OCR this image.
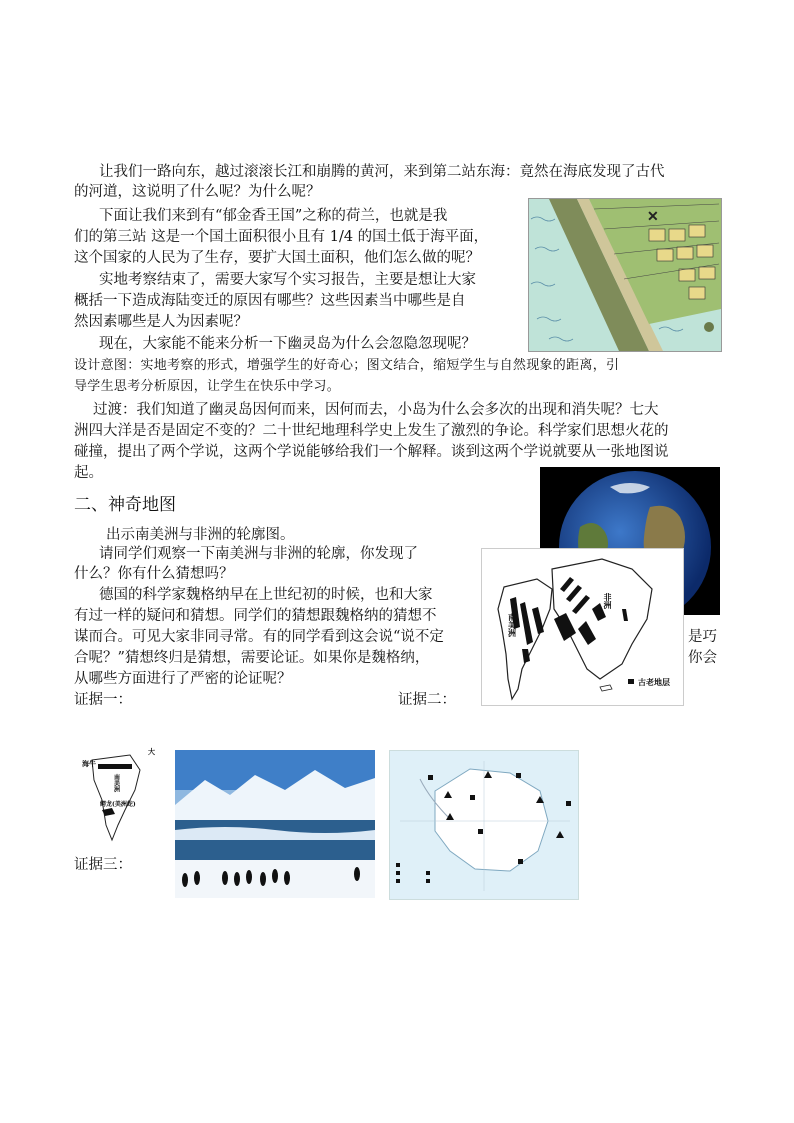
让我们一路向东，越过滚滚长江和崩腾的黄河，来到第二站东海：竟然在海底发现了古代
的河道，这说明了什么呢？为什么呢？
下面让我们来到有“郁金香王国”之称的荷兰，也就是我
们的第三站 这是一个国土面积很小且有 1/4 的国土低于海平面，
这个国家的人民为了生存，要扩大国土面积，他们怎么做的呢？
实地考察结束了，需要大家写个实习报告，主要是想让大家
概括一下造成海陆变迁的原因有哪些？这些因素当中哪些是自
然因素哪些是人为因素呢？
现在，大家能不能来分析一下幽灵岛为什么会忽隐忽现呢？
✕
设计意图：实地考察的形式，增强学生的好奇心；图文结合，缩短学生与自然现象的距离，引
导学生思考分析原因，让学生在快乐中学习。
过渡：我们知道了幽灵岛因何而来，因何而去，小岛为什么会多次的出现和消失呢？七大
洲四大洋是否是固定不变的？二十世纪地理科学史上发生了激烈的争论。科学家们思想火花的
碰撞，提出了两个学说，这两个学说能够给我们一个解释。谈到这两个学说就要从一张地图说
起。
二、神奇地图
出示南美洲与非洲的轮廓图。
请同学们观察一下南美洲与非洲的轮廓，你发现了
什么？你有什么猜想吗？
德国的科学家魏格纳早在上世纪初的时候，也和大家
有过一样的疑问和猜想。同学们的猜想跟魏格纳的猜想不
谋而合。可见大家非同寻常。有的同学看到这会说“说不定	是巧
合呢？”猜想终归是猜想，需要论证。如果你是魏格纳，	你会
从哪些方面进行了严密的论证呢？
南美洲
非洲
古老地层
证据一：	证据二：
证据三：
大
海牛
南美洲
鳄龙(美洲蛇)
